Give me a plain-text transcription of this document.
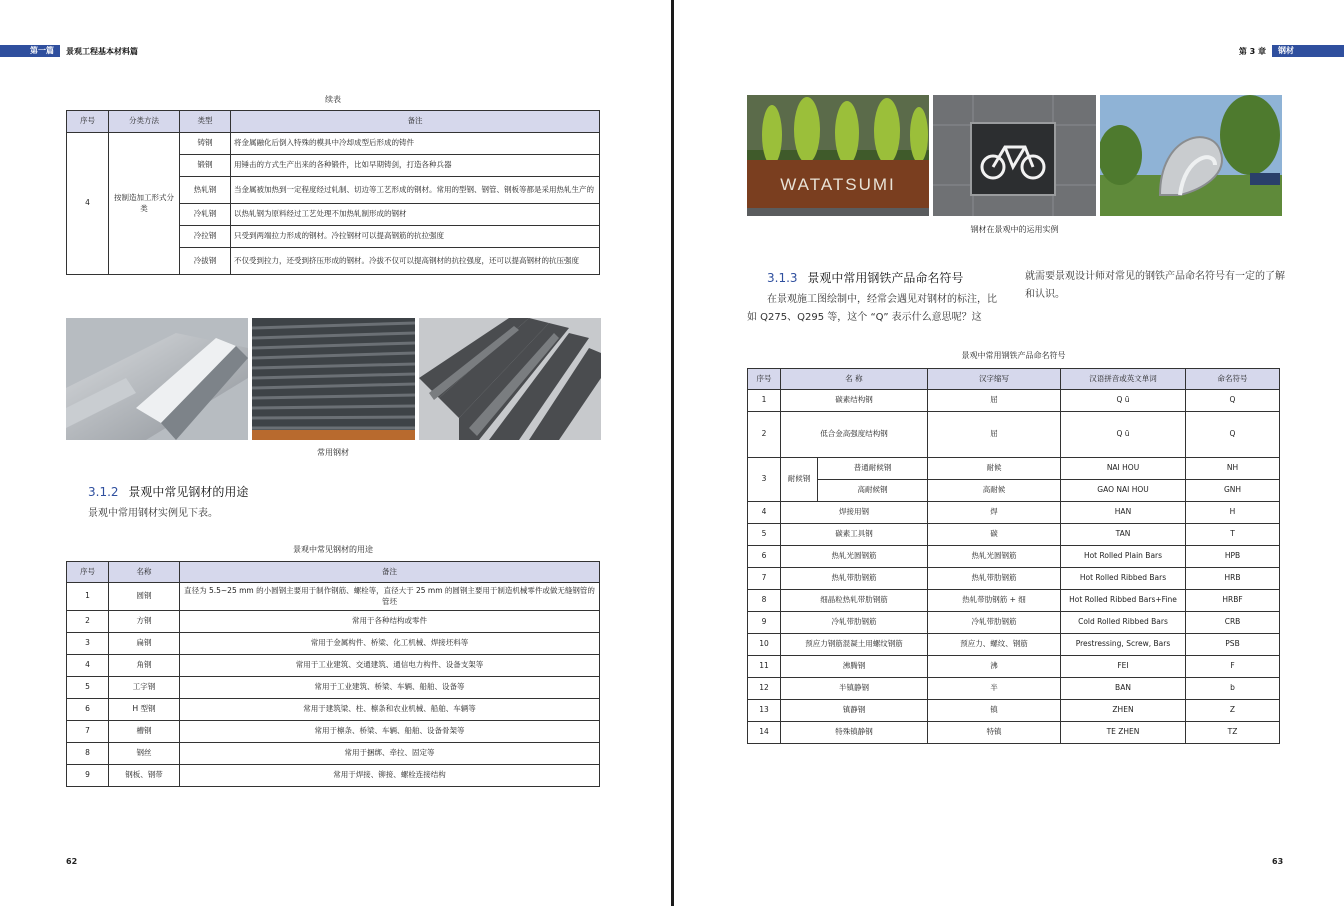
第一篇	景观工程基本材料篇
续表
序号	分类方法	类型	备注
4	按制造加工形式分类	铸钢	将金属融化后倒入特殊的模具中冷却成型后形成的铸件
		锻钢	用锤击的方式生产出来的各种锻件，比如早期铸剑，打造各种兵器
		热轧钢	当金属被加热到一定程度经过轧制、切边等工艺形成的钢材。常用的型钢、钢管、钢板等都是采用热轧生产的
		冷轧钢	以热轧钢为原料经过工艺处理不加热轧制形成的钢材
		冷拉钢	只受到两端拉力形成的钢材。冷拉钢材可以提高钢筋的抗拉强度
		冷拔钢	不仅受到拉力，还受到挤压形成的钢材。冷拔不仅可以提高钢材的抗拉强度，还可以提高钢材的抗压强度
常用钢材
3.1.2 景观中常见钢材的用途
景观中常用钢材实例见下表。
景观中常见钢材的用途
序号	名称	备注
1	圆钢	直径为 5.5~25 mm 的小圆钢主要用于制作钢筋、螺栓等，直径大于 25 mm 的圆钢主要用于制造机械零件或做无缝钢管的管坯
2	方钢	常用于各种结构或零件
3	扁钢	常用于金属构件、桥梁、化工机械、焊接坯料等
4	角钢	常用于工业建筑、交通建筑、通信电力构件、设备支架等
5	工字钢	常用于工业建筑、桥梁、车辆、船舶、设备等
6	H 型钢	常用于建筑梁、柱、檩条和农业机械、船舶、车辆等
7	槽钢	常用于檩条、桥梁、车辆、船舶、设备骨架等
8	钢丝	常用于捆绑、牵拉、固定等
9	钢板、钢带	常用于焊接、铆接、螺栓连接结构
62
第 3 章	钢材
WATATSUMI
钢材在景观中的运用实例
3.1.3 景观中常用钢铁产品命名符号
在景观施工图绘制中，经常会遇见对钢材的标注，比如 Q275、Q295 等，这个 “Q” 表示什么意思呢？这
就需要景观设计师对常见的钢铁产品命名符号有一定的了解和认识。
景观中常用钢铁产品命名符号
序号	名 称		汉字缩写	汉语拼音或英文单词	命名符号
1	碳素结构钢		屈	Q ū	Q
2	低合金高强度结构钢		屈	Q ū	Q
3	耐候钢	普通耐候钢	耐候	NAI HOU	NH
		高耐候钢	高耐候	GAO NAI HOU	GNH
4	焊接用钢		焊	HAN	H
5	碳素工具钢		碳	TAN	T
6	热轧光圆钢筋		热轧光圆钢筋	Hot Rolled Plain Bars	HPB
7	热轧带肋钢筋		热轧带肋钢筋	Hot Rolled Ribbed Bars	HRB
8	细晶粒热轧带肋钢筋		热轧带肋钢筋 + 细	Hot Rolled Ribbed Bars+Fine	HRBF
9	冷轧带肋钢筋		冷轧带肋钢筋	Cold Rolled Ribbed Bars	CRB
10	预应力钢筋混凝土用螺纹钢筋		预应力、螺纹、钢筋	Prestressing, Screw, Bars	PSB
11	沸腾钢		沸	FEI	F
12	半镇静钢		半	BAN	b
13	镇静钢		镇	ZHEN	Z
14	特殊镇静钢		特镇	TE ZHEN	TZ
63
